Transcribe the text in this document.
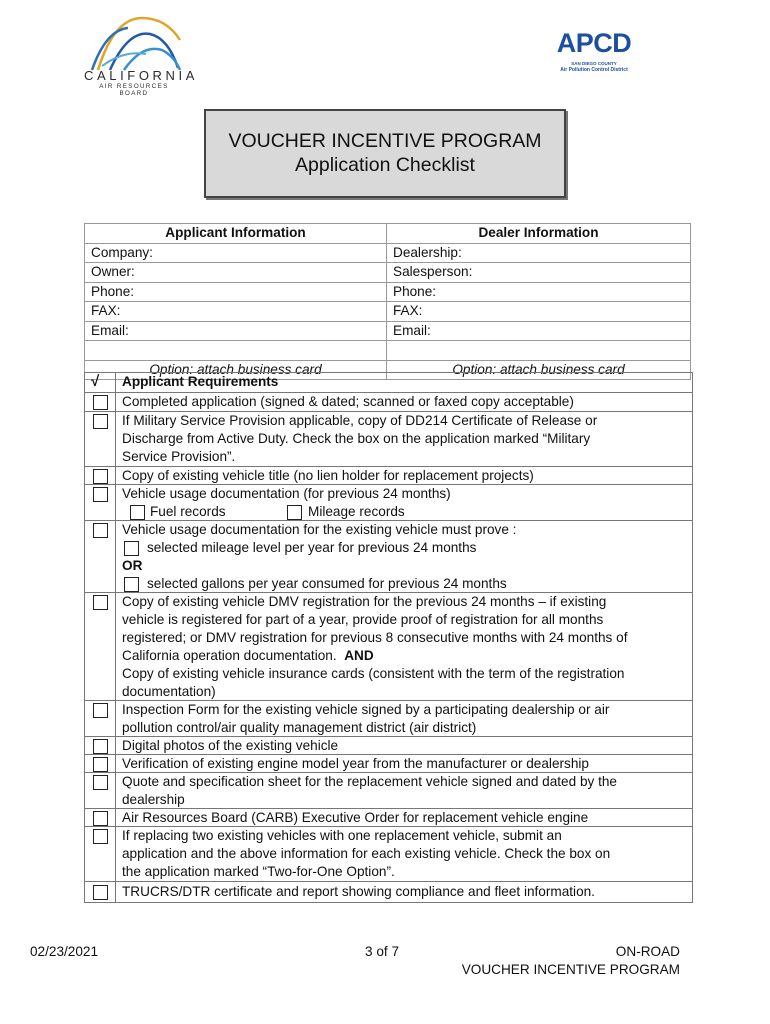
CALIFORNIA
AIR RESOURCES BOARD
APCD
SAN DIEGO COUNTY
Air Pollution Control District
VOUCHER INCENTIVE PROGRAM
Application Checklist
Applicant Information	Dealer Information
Company:	Dealership:
Owner:	Salesperson:
Phone:	Phone:
FAX:	FAX:
Email:	Email:

Option: attach business card	Option: attach business card
√ Applicant Requirements
Completed application (signed & dated; scanned or faxed copy acceptable)
If Military Service Provision applicable, copy of DD214 Certificate of Release or
Discharge from Active Duty. Check the box on the application marked “Military
Service Provision”.
Copy of existing vehicle title (no lien holder for replacement projects)
Vehicle usage documentation (for previous 24 months)
Fuel records	Mileage records
Vehicle usage documentation for the existing vehicle must prove :
selected mileage level per year for previous 24 months
OR
selected gallons per year consumed for previous 24 months
Copy of existing vehicle DMV registration for the previous 24 months – if existing
vehicle is registered for part of a year, provide proof of registration for all months
registered; or DMV registration for previous 8 consecutive months with 24 months of
California operation documentation. AND
Copy of existing vehicle insurance cards (consistent with the term of the registration
documentation)
Inspection Form for the existing vehicle signed by a participating dealership or air
pollution control/air quality management district (air district)
Digital photos of the existing vehicle
Verification of existing engine model year from the manufacturer or dealership
Quote and specification sheet for the replacement vehicle signed and dated by the
dealership
Air Resources Board (CARB) Executive Order for replacement vehicle engine
If replacing two existing vehicles with one replacement vehicle, submit an
application and the above information for each existing vehicle. Check the box on
the application marked “Two-for-One Option”.
TRUCRS/DTR certificate and report showing compliance and fleet information.
02/23/2021	3 of 7	ON-ROAD
VOUCHER INCENTIVE PROGRAM
